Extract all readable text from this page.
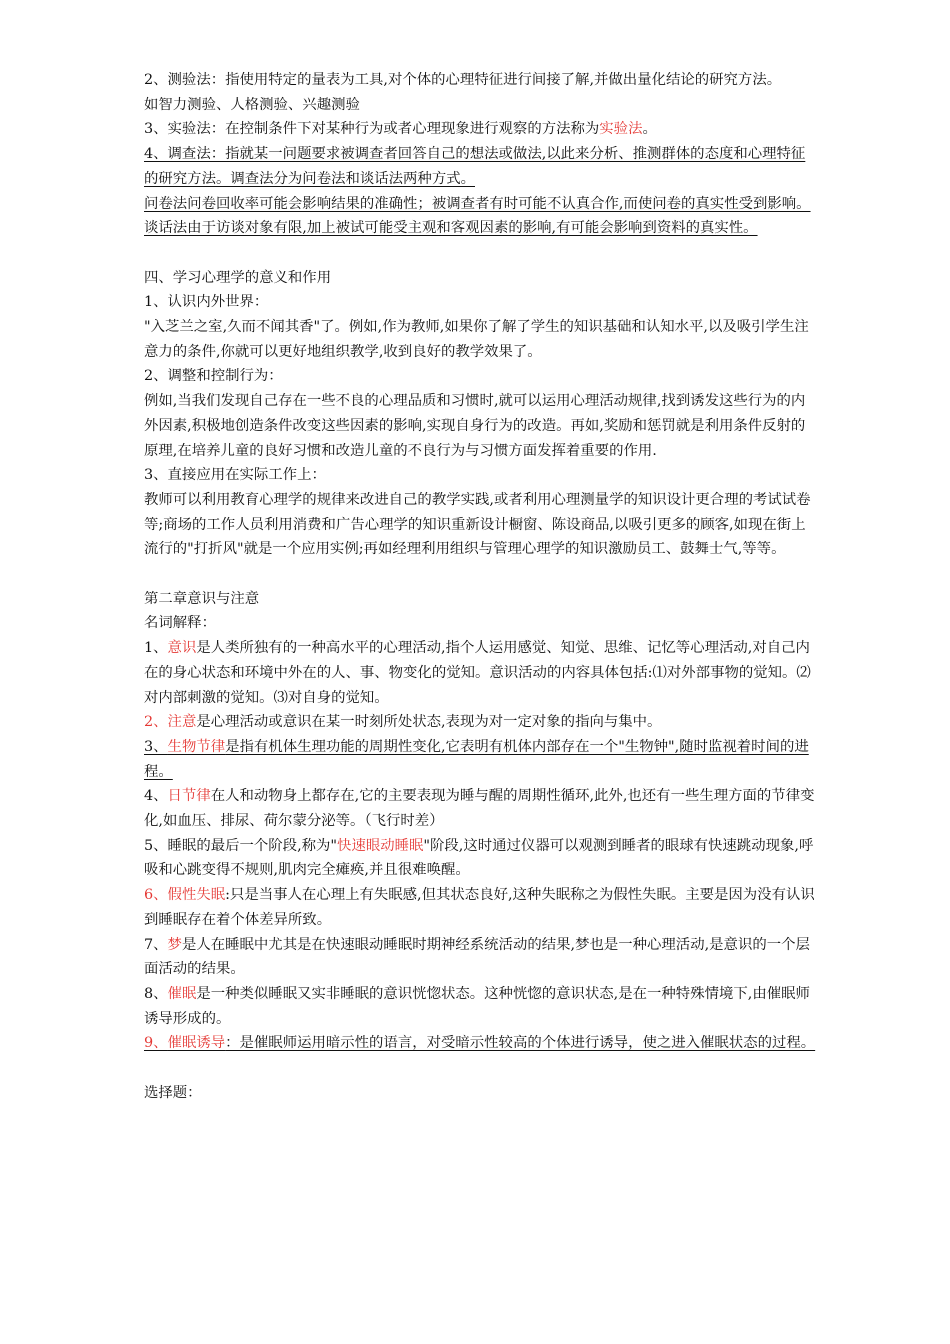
2、测验法：指使用特定的量表为工具,对个体的心理特征进行间接了解,并做出量化结论的研究方法。

如智力测验、人格测验、兴趣测验

3、实验法：在控制条件下对某种行为或者心理现象进行观察的方法称为实验法。

4、调查法：指就某一问题要求被调查者回答自己的想法或做法,以此来分析、推测群体的态度和心理特征的研究方法。调查法分为问卷法和谈话法两种方式。

问卷法问卷回收率可能会影响结果的准确性；被调查者有时可能不认真合作,而使问卷的真实性受到影响。

谈话法由于访谈对象有限,加上被试可能受主观和客观因素的影响,有可能会影响到资料的真实性。

四、学习心理学的意义和作用

1、认识内外世界：

"入芝兰之室,久而不闻其香"了。例如,作为教师,如果你了解了学生的知识基础和认知水平,以及吸引学生注意力的条件,你就可以更好地组织教学,收到良好的教学效果了。

2、调整和控制行为：

例如,当我们发现自己存在一些不良的心理品质和习惯时,就可以运用心理活动规律,找到诱发这些行为的内外因素,积极地创造条件改变这些因素的影响,实现自身行为的改造。再如,奖励和惩罚就是利用条件反射的原理,在培养儿童的良好习惯和改造儿童的不良行为与习惯方面发挥着重要的作用.

3、直接应用在实际工作上：

教师可以利用教育心理学的规律来改进自己的教学实践,或者利用心理测量学的知识设计更合理的考试试卷等;商场的工作人员利用消费和广告心理学的知识重新设计橱窗、陈设商品,以吸引更多的顾客,如现在街上流行的"打折风"就是一个应用实例;再如经理利用组织与管理心理学的知识激励员工、鼓舞士气,等等。

第二章意识与注意

名词解释：

1、意识是人类所独有的一种高水平的心理活动,指个人运用感觉、知觉、思维、记忆等心理活动,对自己内在的身心状态和环境中外在的人、事、物变化的觉知。意识活动的内容具体包括:⑴对外部事物的觉知。⑵对内部刺激的觉知。⑶对自身的觉知。

2、注意是心理活动或意识在某一时刻所处状态,表现为对一定对象的指向与集中。

3、生物节律是指有机体生理功能的周期性变化,它表明有机体内部存在一个"生物钟",随时监视着时间的进程。

4、日节律在人和动物身上都存在,它的主要表现为睡与醒的周期性循环,此外,也还有一些生理方面的节律变化,如血压、排尿、荷尔蒙分泌等。（飞行时差）

5、睡眠的最后一个阶段,称为"快速眼动睡眠"阶段,这时通过仪器可以观测到睡者的眼球有快速跳动现象,呼吸和心跳变得不规则,肌肉完全瘫痪,并且很难唤醒。

6、假性失眠:只是当事人在心理上有失眠感,但其状态良好,这种失眠称之为假性失眠。主要是因为没有认识到睡眠存在着个体差异所致。

7、梦是人在睡眠中尤其是在快速眼动睡眠时期神经系统活动的结果,梦也是一种心理活动,是意识的一个层面活动的结果。

8、催眠是一种类似睡眠又实非睡眠的意识恍惚状态。这种恍惚的意识状态,是在一种特殊情境下,由催眠师诱导形成的。

9、催眠诱导：是催眠师运用暗示性的语言，对受暗示性较高的个体进行诱导，使之进入催眠状态的过程。

选择题：
